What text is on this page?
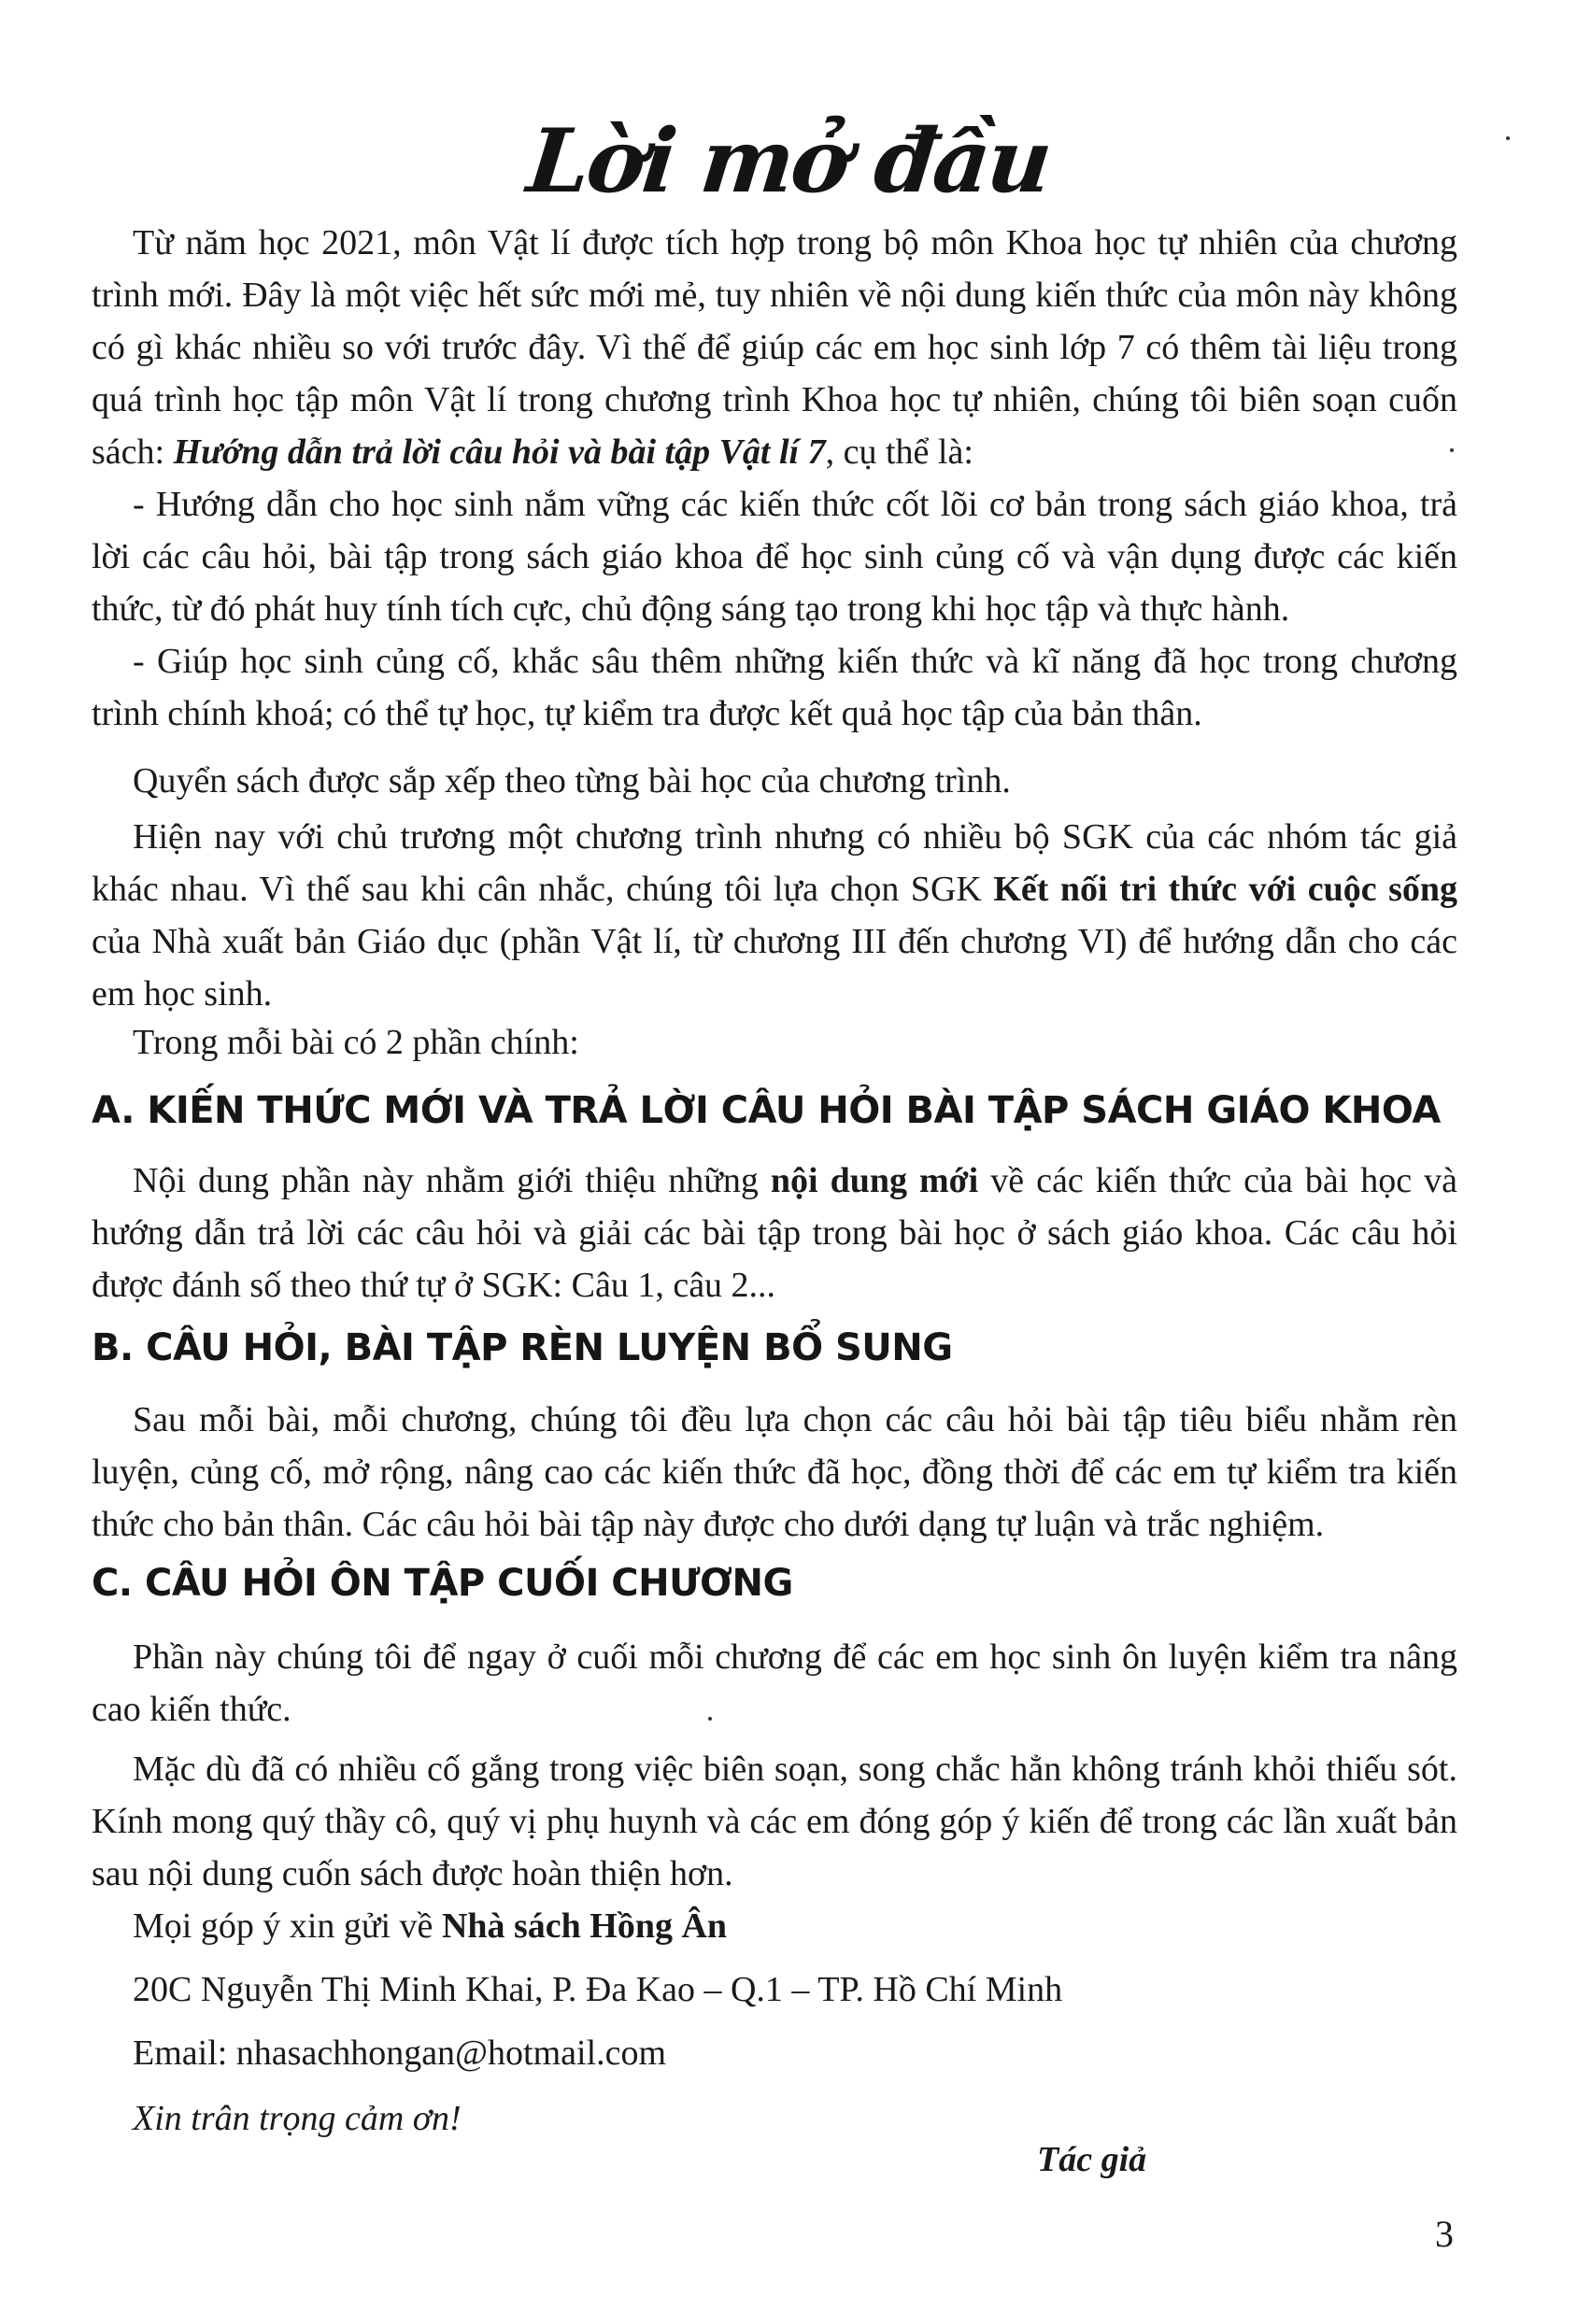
Lời mở đầu

Từ năm học 2021, môn Vật lí được tích hợp trong bộ môn Khoa học tự nhiên của chương trình mới. Đây là một việc hết sức mới mẻ, tuy nhiên về nội dung kiến thức của môn này không có gì khác nhiều so với trước đây. Vì thế để giúp các em học sinh lớp 7 có thêm tài liệu trong quá trình học tập môn Vật lí trong chương trình Khoa học tự nhiên, chúng tôi biên soạn cuốn sách: Hướng dẫn trả lời câu hỏi và bài tập Vật lí 7, cụ thể là:

- Hướng dẫn cho học sinh nắm vững các kiến thức cốt lõi cơ bản trong sách giáo khoa, trả lời các câu hỏi, bài tập trong sách giáo khoa để học sinh củng cố và vận dụng được các kiến thức, từ đó phát huy tính tích cực, chủ động sáng tạo trong khi học tập và thực hành.

- Giúp học sinh củng cố, khắc sâu thêm những kiến thức và kĩ năng đã học trong chương trình chính khoá; có thể tự học, tự kiểm tra được kết quả học tập của bản thân.

Quyển sách được sắp xếp theo từng bài học của chương trình.

Hiện nay với chủ trương một chương trình nhưng có nhiều bộ SGK của các nhóm tác giả khác nhau. Vì thế sau khi cân nhắc, chúng tôi lựa chọn SGK Kết nối tri thức với cuộc sống của Nhà xuất bản Giáo dục (phần Vật lí, từ chương III đến chương VI) để hướng dẫn cho các em học sinh.

Trong mỗi bài có 2 phần chính:

A. KIẾN THỨC MỚI VÀ TRẢ LỜI CÂU HỎI BÀI TẬP SÁCH GIÁO KHOA

Nội dung phần này nhằm giới thiệu những nội dung mới về các kiến thức của bài học và hướng dẫn trả lời các câu hỏi và giải các bài tập trong bài học ở sách giáo khoa. Các câu hỏi được đánh số theo thứ tự ở SGK: Câu 1, câu 2...

B. CÂU HỎI, BÀI TẬP RÈN LUYỆN BỔ SUNG

Sau mỗi bài, mỗi chương, chúng tôi đều lựa chọn các câu hỏi bài tập tiêu biểu nhằm rèn luyện, củng cố, mở rộng, nâng cao các kiến thức đã học, đồng thời để các em tự kiểm tra kiến thức cho bản thân. Các câu hỏi bài tập này được cho dưới dạng tự luận và trắc nghiệm.

C. CÂU HỎI ÔN TẬP CUỐI CHƯƠNG

Phần này chúng tôi để ngay ở cuối mỗi chương để các em học sinh ôn luyện kiểm tra nâng cao kiến thức.

Mặc dù đã có nhiều cố gắng trong việc biên soạn, song chắc hẳn không tránh khỏi thiếu sót. Kính mong quý thầy cô, quý vị phụ huynh và các em đóng góp ý kiến để trong các lần xuất bản sau nội dung cuốn sách được hoàn thiện hơn.

Mọi góp ý xin gửi về Nhà sách Hồng Ân

20C Nguyễn Thị Minh Khai, P. Đa Kao – Q.1 – TP. Hồ Chí Minh

Email: nhasachhongan@hotmail.com

Xin trân trọng cảm ơn!

Tác giả

3
